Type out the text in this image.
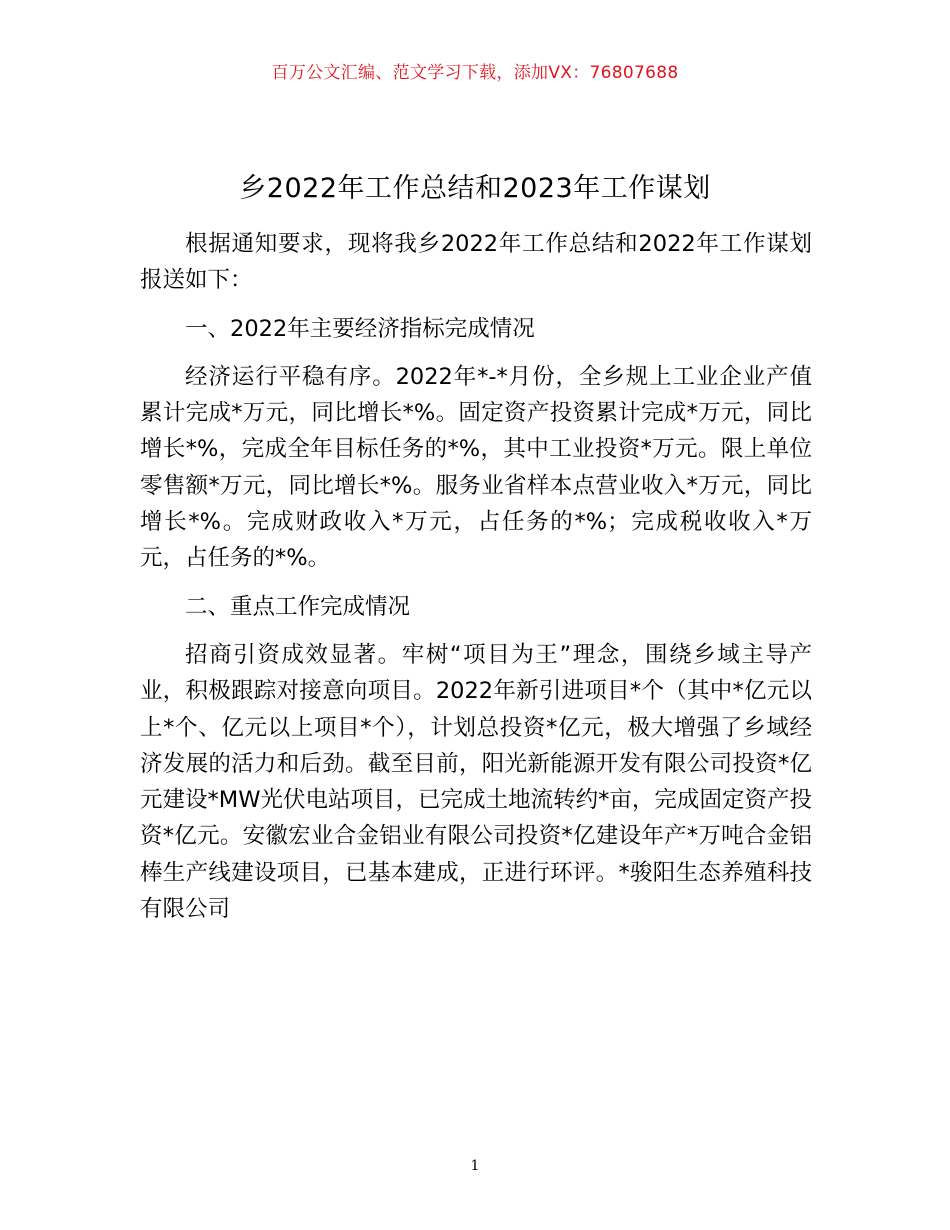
百万公文汇编、范文学习下载，添加VX：76807688
乡2022年工作总结和2023年工作谋划

根据通知要求，现将我乡2022年工作总结和2022年工作谋划报送如下：

一、2022年主要经济指标完成情况

经济运行平稳有序。2022年*-*月份，全乡规上工业企业产值累计完成*万元，同比增长*%。固定资产投资累计完成*万元，同比增长*%，完成全年目标任务的*%，其中工业投资*万元。限上单位零售额*万元，同比增长*%。服务业省样本点营业收入*万元，同比增长*%。完成财政收入*万元，占任务的*%；完成税收收入*万元，占任务的*%。

二、重点工作完成情况

招商引资成效显著。牢树“项目为王”理念，围绕乡域主导产业，积极跟踪对接意向项目。2022年新引进项目*个（其中*亿元以上*个、亿元以上项目*个），计划总投资*亿元，极大增强了乡域经济发展的活力和后劲。截至目前，阳光新能源开发有限公司投资*亿元建设*MW光伏电站项目，已完成土地流转约*亩，完成固定资产投资*亿元。安徽宏业合金铝业有限公司投资*亿建设年产*万吨合金铝棒生产线建设项目，已基本建成，正进行环评。*骏阳生态养殖科技有限公司

1
